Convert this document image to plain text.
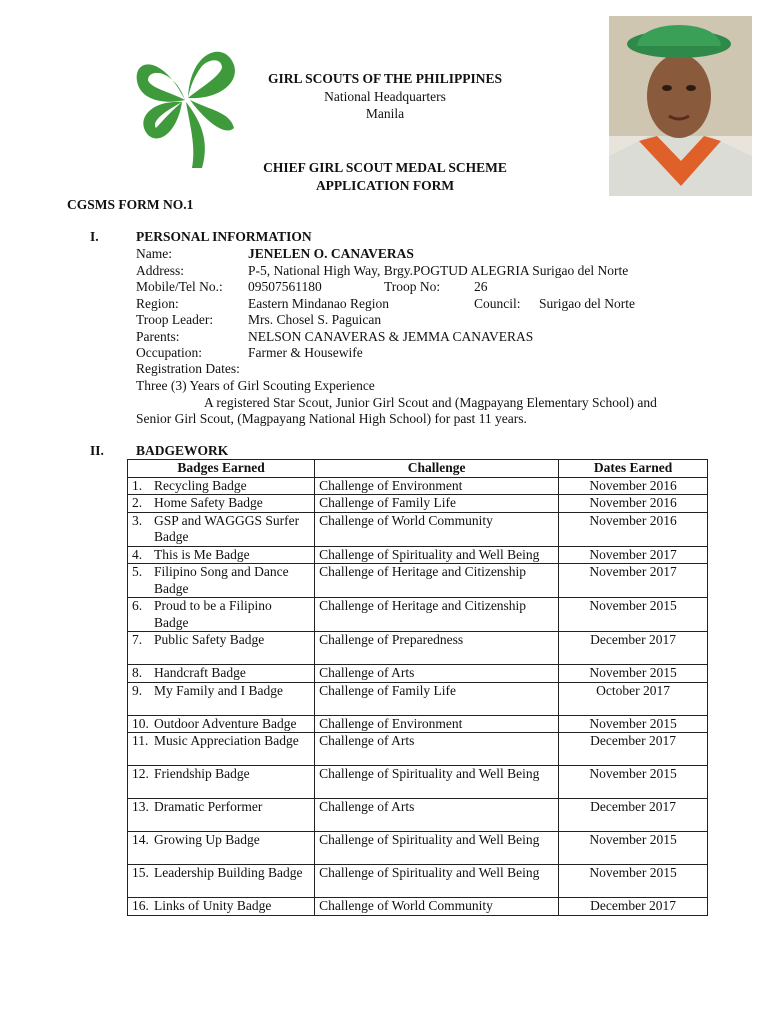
GIRL SCOUTS OF THE PHILIPPINES
National Headquarters
Manila
CHIEF GIRL SCOUT MEDAL SCHEME
APPLICATION FORM
CGSMS FORM NO.1
I.	PERSONAL INFORMATION
Name:	JENELEN O. CANAVERAS
Address:	P-5, National High Way, Brgy.POGTUD ALEGRIA Surigao del Norte
Mobile/Tel No.: 09507561180	Troop No:	26
Region:	Eastern Mindanao Region	Council: Surigao del Norte
Troop Leader:	Mrs. Chosel S. Paguican
Parents:	NELSON CANAVERAS & JEMMA CANAVERAS
Occupation:	Farmer & Housewife
Registration Dates:
Three (3) Years of Girl Scouting Experience
A registered Star Scout, Junior Girl Scout and (Magpayang Elementary School) and
Senior Girl Scout, (Magpayang National High School) for past 11 years.
II. BADGEWORK
Badges Earned	Challenge	Dates Earned
1. Recycling Badge	Challenge of Environment	November 2016
2. Home Safety Badge	Challenge of Family Life	November 2016
3. GSP and WAGGGS Surfer Badge	Challenge of World Community	November 2016
4. This is Me Badge	Challenge of Spirituality and Well Being	November 2017
5. Filipino Song and Dance Badge	Challenge of Heritage and Citizenship	November 2017
6. Proud to be a Filipino Badge	Challenge of Heritage and Citizenship	November 2015
7. Public Safety Badge	Challenge of Preparedness	December 2017
8. Handcraft Badge	Challenge of Arts	November 2015
9. My Family and I Badge	Challenge of Family Life	October 2017
10. Outdoor Adventure Badge	Challenge of Environment	November 2015
11. Music Appreciation Badge	Challenge of Arts	December 2017
12. Friendship Badge	Challenge of Spirituality and Well Being	November 2015
13. Dramatic Performer	Challenge of Arts	December 2017
14. Growing Up Badge	Challenge of Spirituality and Well Being	November 2015
15. Leadership Building Badge	Challenge of Spirituality and Well Being	November 2015
16. Links of Unity Badge	Challenge of World Community	December 2017
